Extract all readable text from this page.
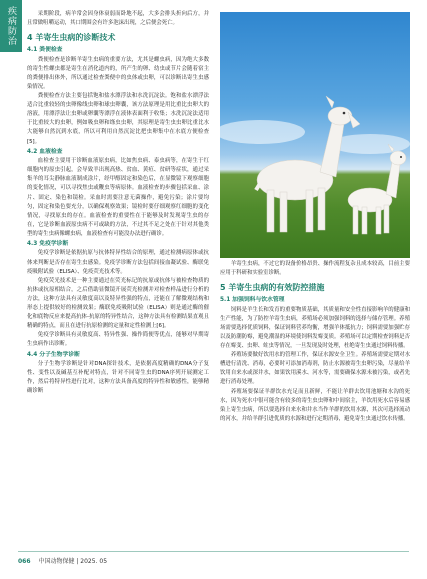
疾病防治	采期阶段，病羊常会因身体衰弱而卧地不起，大多会排头折向后方，并且常做咀嚼运动，其口期围会有许多泡沫出现，之后便会死亡。

4 羊寄生虫病的诊断技术
4.1 粪便检查

粪便检查是诊断羊寄生虫病的重要方法，尤其是螺虫病，因为绝大多数的寄生性螺虫都是寄生在消化道内的，所产生的卵、幼虫或节片会随着宿主的粪便排出体外，所以通过检查粪便中的虫体或虫卵，可以诊断出寄生虫感染情况。

粪便检查方法主要包括饱和盐水漂浮法和水洗沉淀法。饱和盐水漂浮法适合比重较轻的虫卵像线虫卵和球虫卵囊，该方法原理是用比重比虫卵大的溶液，用漂浮法让虫卵或卵囊等漂浮在液体表面利于收集；水洗沉淀法适用于比重较大的虫卵，例如吸虫卵和绦虫虫卵，其原理是寄生虫虫卵比重比水大能够自然沉到水底，所以可利用自然沉淀比把虫卵集中在水底方便检查[5]。

4.2 血液检查

血检查主要用于诊断血液原虫病，比如焦虫病、泰虫病等，在寄生于红细胞内的原虫引起，会导致羊出现高热、贫血、黄疸、贫研等症状，通过采集羊的耳尖静脉血液制成涂片，经甲醇固定和染色后，在显微镜下观察细胞的变化情况，可以寻找焦虫或鞭虫等病原体。血液检查的步骤包括采血、涂片、固定、染色和镜检。采血时需要注意无菌操作，避免污染；涂片要均匀，固定和染色要充分，以确保观察效果；镜检时要仔细观察红细胞的变化情况，寻找原虫的存在。血液检查的重要性在于能够及时发现寄生虫的存在，它是诊断血液原虫病不可或缺的方法，不过其不足之处在于针对其他类型的寄生虫病像螺虫病，血液检查有可能没办法进行确诊。

4.3 免疫学诊断

免疫学诊断是依据抗原与抗体特异性结合的原理，通过检测病原体或抗体来判断是否存在寄生虫感染。免疫学诊断方法包括间接血凝试验、酶联免疫吸附试验（ELISA）、免疫荧光技术等。

免疫荧光技术是一种主要通过在荧光标记的抗原或抗体与被检查物质的抗体或抗原相结合，之后借助显微镜开展荧光检测并对检查样品进行分析的方法，这种方法具有灵敏度高以及特异性强的特点，还能在了解微观结构和形态上提供较好的检测效果；酶联免疫吸附试验（ELISA）则是通过酶的催化和底物反应来提高抗体-抗原的特异性结合，这种方法具有检测结果直观且精确的特点，而且在进行抗原检测的定量和定性检测上[6]。

免疫学诊断具有灵敏度高、特异性强、操作简便等优点，能够对早期寄生虫病作出诊断。

4.4 分子生物学诊断

分子生物学诊断是针对DNA探针技术，是依据高度精确的DNA分子复性、变性以及碱基互补配对特点，针对不同寄生虫的DNA序列开展测定工作，然后将特异性进行比对，这种方法具备高度的特异性和敏感性，能够精确诊断

羊寄生虫病，不过它的设备价格昂贵、操作流程复杂且成本较高，目前主要应用于科研和实验室诊断。

5 羊寄生虫病的有效防控措施
5.1 加强饲料与饮水管理

饲料是羊生长和发育的重要物质基础，其质量和安全性直接影响羊的健康和生产性能，为了防控羊寄生虫病，养殖场必须加强饲料的选择与储存管理。养殖场需要选择优质饲料，保证饲料营养均衡，增强羊体抵抗力；饲料需要加强贮存以及防潮防霉，避免潮湿的环境使饲料发霉变质。养殖场可以定期检查饲料是否存在霉变、虫卵、蛀虫等情况，一旦发现及时处理，杜绝寄生虫通过饲料传播。

养殖场要做好饮用水的管理工作，保证水源安全卫生。养殖场需要定期对水槽进行清洗、消毒，必要时可添加消毒剂，防止水源被寄生虫卵污染，尽量给羊饮用自来水或深井水，如果饮用溪水、河水等，需要确保水源未被污染，或者先进行消毒处理。

养殖场要保证羊群饮水充足而且新鲜，不能让羊群去饮用池塘和水沟的死水，因为死水中很可能含有较多的寄生虫虫卵和中间宿主，羊饮用死水后容易感染上寄生虫病，所以要选择自来水和井水当作羊群的饮用水源，其次可选择流动的河水，并给羊群引进优质的水源和进行定期消毒，避免寄生虫通过饮水传播。

066 中国动物保健 | 2025. 05
